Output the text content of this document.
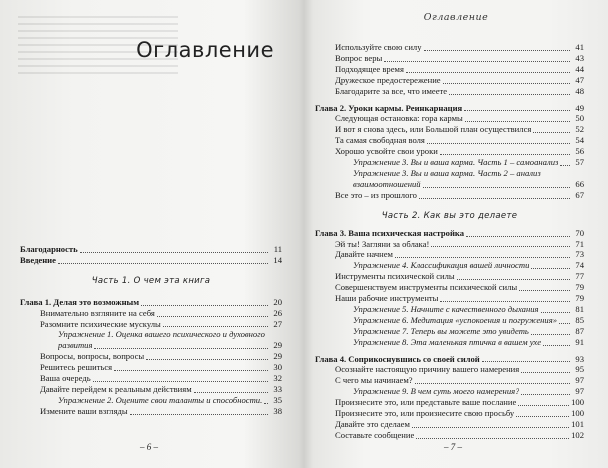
Оглавление
Благодарность	11
Введение	14
Часть 1. О чем эта книга
Глава 1. Делая это возможным	20
Внимательно взгляните на себя	26
Разомните психические мускулы	27
Упражнение 1. Оценка вашего психического и духовного
развития	29
Вопросы, вопросы, вопросы	29
Решитесь решиться	30
Ваша очередь	32
Давайте перейдем к реальным действиям	33
Упражнение 2. Оцените свои таланты и способности.	35
Измените ваши взгляды	38
– 6 –
Оглавление
Используйте свою силу	41
Вопрос веры	43
Подходящее время	44
Дружеское предостережение	47
Благодарите за все, что имеете	48
Глава 2. Уроки кармы. Реинкарнация	49
Следующая остановка: гора кармы	50
И вот я снова здесь, или Большой план осуществился	52
Та самая свободная воля	54
Хорошо усвойте свои уроки	56
Упражнение 3. Вы и ваша карма. Часть 1 – самоанализ	57
Упражнение 3. Вы и ваша карма. Часть 2 – анализ
взаимоотношений	66
Все это – из прошлого	67
Часть 2. Как вы это делаете
Глава 3. Ваша психическая настройка	70
Эй ты! Загляни за облака!	71
Давайте начнем	73
Упражнение 4. Классификация вашей личности	74
Инструменты психической силы	77
Совершенствуем инструменты психической силы	79
Наши рабочие инструменты	79
Упражнение 5. Начните с качественного дыхания	81
Упражнение 6. Медитация «успокоения и погружения»	85
Упражнение 7. Теперь вы можете это увидеть	87
Упражнение 8. Эта маленькая птичка в вашем ухе	91
Глава 4. Соприкоснувшись со своей силой	93
Осознайте настоящую причину вашего намерения	95
С чего мы начинаем?	97
Упражнение 9. В чем суть моего намерения?	97
Произнесите это, или представьте ваше послание	100
Произнесите это, или произнесите свою просьбу	100
Давайте это сделаем	101
Составьте сообщение	102
– 7 –
